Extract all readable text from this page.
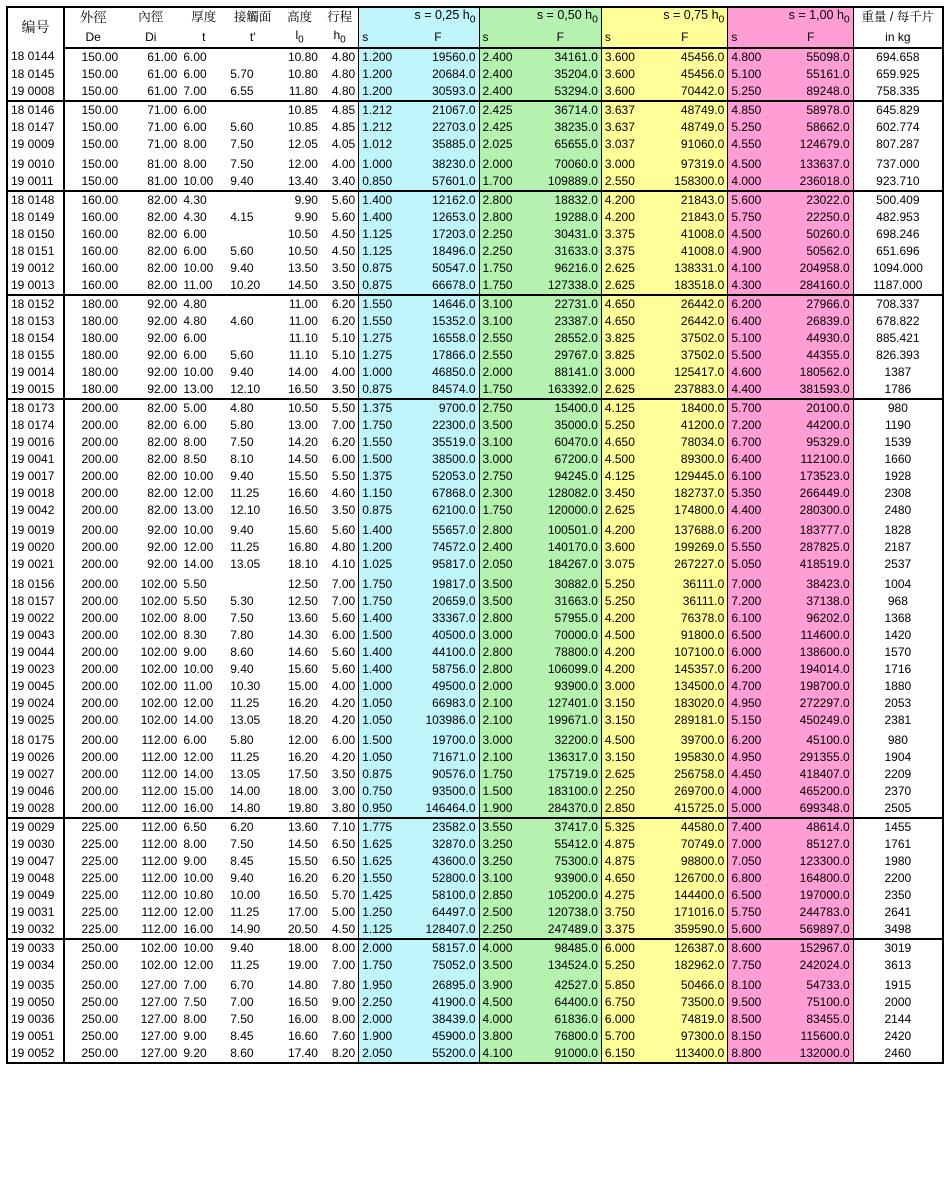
编号	外徑	內徑	厚度	接觸面	高度	行程	s = 0,25 $h_0$		s = 0,50 $h_0$		s = 0,75 $h_0$		s = 1,00 $h_0$		重量 / 每千片
	De	Di	t	t'	$l_0$	$h_0$	s	F	s	F	s	F	s	F	in kg
18 0144	150.00	61.00	6.00		10.80	4.80	1.200	19560.0	2.400	34161.0	3.600	45456.0	4.800	55098.0	694.658
18 0145	150.00	61.00	6.00	5.70	10.80	4.80	1.200	20684.0	2.400	35204.0	3.600	45456.0	5.100	55161.0	659.925
19 0008	150.00	61.00	7.00	6.55	11.80	4.80	1.200	30593.0	2.400	53294.0	3.600	70442.0	5.250	89248.0	758.335
18 0146	150.00	71.00	6.00		10.85	4.85	1.212	21067.0	2.425	36714.0	3.637	48749.0	4.850	58978.0	645.829
18 0147	150.00	71.00	6.00	5.60	10.85	4.85	1.212	22703.0	2.425	38235.0	3.637	48749.0	5.250	58662.0	602.774
19 0009	150.00	71.00	8.00	7.50	12.05	4.05	1.012	35885.0	2.025	65655.0	3.037	91060.0	4.550	124679.0	807.287
19 0010	150.00	81.00	8.00	7.50	12.00	4.00	1.000	38230.0	2.000	70060.0	3.000	97319.0	4.500	133637.0	737.000
19 0011	150.00	81.00	10.00	9.40	13.40	3.40	0.850	57601.0	1.700	109889.0	2.550	158300.0	4.000	236018.0	923.710
18 0148	160.00	82.00	4.30		9.90	5.60	1.400	12162.0	2.800	18832.0	4.200	21843.0	5.600	23022.0	500.409
18 0149	160.00	82.00	4.30	4.15	9.90	5.60	1.400	12653.0	2.800	19288.0	4.200	21843.0	5.750	22250.0	482.953
18 0150	160.00	82.00	6.00		10.50	4.50	1.125	17203.0	2.250	30431.0	3.375	41008.0	4.500	50260.0	698.246
18 0151	160.00	82.00	6.00	5.60	10.50	4.50	1.125	18496.0	2.250	31633.0	3.375	41008.0	4.900	50562.0	651.696
19 0012	160.00	82.00	10.00	9.40	13.50	3.50	0.875	50547.0	1.750	96216.0	2.625	138331.0	4.100	204958.0	1094.000
19 0013	160.00	82.00	11.00	10.20	14.50	3.50	0.875	66678.0	1.750	127338.0	2.625	183518.0	4.300	284160.0	1187.000
18 0152	180.00	92.00	4.80		11.00	6.20	1.550	14646.0	3.100	22731.0	4.650	26442.0	6.200	27966.0	708.337
18 0153	180.00	92.00	4.80	4.60	11.00	6.20	1.550	15352.0	3.100	23387.0	4.650	26442.0	6.400	26839.0	678.822
18 0154	180.00	92.00	6.00		11.10	5.10	1.275	16558.0	2.550	28552.0	3.825	37502.0	5.100	44930.0	885.421
18 0155	180.00	92.00	6.00	5.60	11.10	5.10	1.275	17866.0	2.550	29767.0	3.825	37502.0	5.500	44355.0	826.393
19 0014	180.00	92.00	10.00	9.40	14.00	4.00	1.000	46850.0	2.000	88141.0	3.000	125417.0	4.600	180562.0	1387
19 0015	180.00	92.00	13.00	12.10	16.50	3.50	0.875	84574.0	1.750	163392.0	2.625	237883.0	4.400	381593.0	1786
18 0173	200.00	82.00	5.00	4.80	10.50	5.50	1.375	9700.0	2.750	15400.0	4.125	18400.0	5.700	20100.0	980
18 0174	200.00	82.00	6.00	5.80	13.00	7.00	1.750	22300.0	3.500	35000.0	5.250	41200.0	7.200	44200.0	1190
19 0016	200.00	82.00	8.00	7.50	14.20	6.20	1.550	35519.0	3.100	60470.0	4.650	78034.0	6.700	95329.0	1539
19 0041	200.00	82.00	8.50	8.10	14.50	6.00	1.500	38500.0	3.000	67200.0	4.500	89300.0	6.400	112100.0	1660
19 0017	200.00	82.00	10.00	9.40	15.50	5.50	1.375	52053.0	2.750	94245.0	4.125	129445.0	6.100	173523.0	1928
19 0018	200.00	82.00	12.00	11.25	16.60	4.60	1.150	67868.0	2.300	128082.0	3.450	182737.0	5.350	266449.0	2308
19 0042	200.00	82.00	13.00	12.10	16.50	3.50	0.875	62100.0	1.750	120000.0	2.625	174800.0	4.400	280300.0	2480
19 0019	200.00	92.00	10.00	9.40	15.60	5.60	1.400	55657.0	2.800	100501.0	4.200	137688.0	6.200	183777.0	1828
19 0020	200.00	92.00	12.00	11.25	16.80	4.80	1.200	74572.0	2.400	140170.0	3.600	199269.0	5.550	287825.0	2187
19 0021	200.00	92.00	14.00	13.05	18.10	4.10	1.025	95817.0	2.050	184267.0	3.075	267227.0	5.050	418519.0	2537
18 0156	200.00	102.00	5.50		12.50	7.00	1.750	19817.0	3.500	30882.0	5.250	36111.0	7.000	38423.0	1004
18 0157	200.00	102.00	5.50	5.30	12.50	7.00	1.750	20659.0	3.500	31663.0	5.250	36111.0	7.200	37138.0	968
19 0022	200.00	102.00	8.00	7.50	13.60	5.60	1.400	33367.0	2.800	57955.0	4.200	76378.0	6.100	96202.0	1368
19 0043	200.00	102.00	8.30	7.80	14.30	6.00	1.500	40500.0	3.000	70000.0	4.500	91800.0	6.500	114600.0	1420
19 0044	200.00	102.00	9.00	8.60	14.60	5.60	1.400	44100.0	2.800	78800.0	4.200	107100.0	6.000	138600.0	1570
19 0023	200.00	102.00	10.00	9.40	15.60	5.60	1.400	58756.0	2.800	106099.0	4.200	145357.0	6.200	194014.0	1716
19 0045	200.00	102.00	11.00	10.30	15.00	4.00	1.000	49500.0	2.000	93900.0	3.000	134500.0	4.700	198700.0	1880
19 0024	200.00	102.00	12.00	11.25	16.20	4.20	1.050	66983.0	2.100	127401.0	3.150	183020.0	4.950	272297.0	2053
19 0025	200.00	102.00	14.00	13.05	18.20	4.20	1.050	103986.0	2.100	199671.0	3.150	289181.0	5.150	450249.0	2381
18 0175	200.00	112.00	6.00	5.80	12.00	6.00	1.500	19700.0	3.000	32200.0	4.500	39700.0	6.200	45100.0	980
19 0026	200.00	112.00	12.00	11.25	16.20	4.20	1.050	71671.0	2.100	136317.0	3.150	195830.0	4.950	291355.0	1904
19 0027	200.00	112.00	14.00	13.05	17.50	3.50	0.875	90576.0	1.750	175719.0	2.625	256758.0	4.450	418407.0	2209
19 0046	200.00	112.00	15.00	14.00	18.00	3.00	0.750	93500.0	1.500	183100.0	2.250	269700.0	4.000	465200.0	2370
19 0028	200.00	112.00	16.00	14.80	19.80	3.80	0.950	146464.0	1.900	284370.0	2.850	415725.0	5.000	699348.0	2505
19 0029	225.00	112.00	6.50	6.20	13.60	7.10	1.775	23582.0	3.550	37417.0	5.325	44580.0	7.400	48614.0	1455
19 0030	225.00	112.00	8.00	7.50	14.50	6.50	1.625	32870.0	3.250	55412.0	4.875	70749.0	7.000	85127.0	1761
19 0047	225.00	112.00	9.00	8.45	15.50	6.50	1.625	43600.0	3.250	75300.0	4.875	98800.0	7.050	123300.0	1980
19 0048	225.00	112.00	10.00	9.40	16.20	6.20	1.550	52800.0	3.100	93900.0	4.650	126700.0	6.800	164800.0	2200
19 0049	225.00	112.00	10.80	10.00	16.50	5.70	1.425	58100.0	2.850	105200.0	4.275	144400.0	6.500	197000.0	2350
19 0031	225.00	112.00	12.00	11.25	17.00	5.00	1.250	64497.0	2.500	120738.0	3.750	171016.0	5.750	244783.0	2641
19 0032	225.00	112.00	16.00	14.90	20.50	4.50	1.125	128407.0	2.250	247489.0	3.375	359590.0	5.600	569897.0	3498
19 0033	250.00	102.00	10.00	9.40	18.00	8.00	2.000	58157.0	4.000	98485.0	6.000	126387.0	8.600	152967.0	3019
19 0034	250.00	102.00	12.00	11.25	19.00	7.00	1.750	75052.0	3.500	134524.0	5.250	182962.0	7.750	242024.0	3613
19 0035	250.00	127.00	7.00	6.70	14.80	7.80	1.950	26895.0	3.900	42527.0	5.850	50466.0	8.100	54733.0	1915
19 0050	250.00	127.00	7.50	7.00	16.50	9.00	2.250	41900.0	4.500	64400.0	6.750	73500.0	9.500	75100.0	2000
19 0036	250.00	127.00	8.00	7.50	16.00	8.00	2.000	38439.0	4.000	61836.0	6.000	74819.0	8.500	83455.0	2144
19 0051	250.00	127.00	9.00	8.45	16.60	7.60	1.900	45900.0	3.800	76800.0	5.700	97300.0	8.150	115600.0	2420
19 0052	250.00	127.00	9.20	8.60	17.40	8.20	2.050	55200.0	4.100	91000.0	6.150	113400.0	8.800	132000.0	2460
